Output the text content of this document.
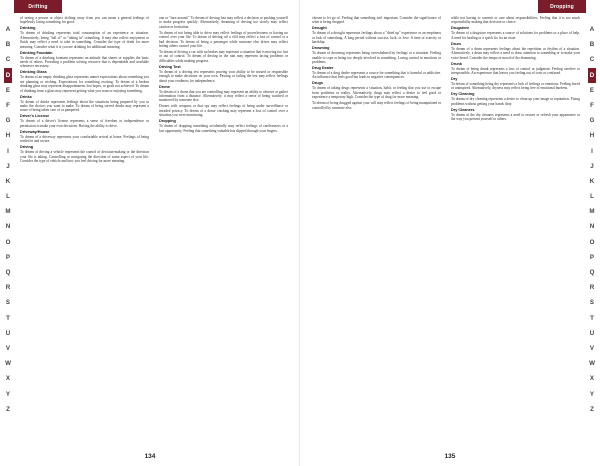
Drifting
A
B
C
D
E
F
G
H
I
J
K
L
M
N
O
P
Q
R
S
T
U
V
W
X
Y
Z

of seeing a person or object drifting away from you can mean a general feelings of hopelessly losing something for good.

Drinking

To dream of drinking represents total consumption of an experience or situation. Alternatively, being "full of" or "taking in" something. It may also reflect enjoyment or fluids may reflect a need to take in something. Consider the type of drink for more meaning. Consider what it is you are drinking for additional meaning.

Drinking Fountain

To dream of a drinking fountain represents an attitude that shares or supplies the basic needs of others. Providing a problem solving resource that is dependable and available whenever necessary.

Drinking Glass

To dream of an empty drinking glass represents unmet expectations about something you are planning or wishing. Expectations for something exciting. To dream of a broken drinking glass may represent disappointment, lost hopes, or goals not achieved. To dream of drinking from a glass may represent getting what you want or enjoying something.

Drinks

To dream of drinks represents feelings about the situations being prepared by you to make the choices you want to make. To dream of being served drinks may represent a sense of being taken care of or pampered.

Driver's License

To dream of a driver's license represents a sense of freedom or independence or permission to make your own decisions. Having the ability to drive.

Driveway/House

To dream of a driveway represents your comfortable arrival at home. Feelings of being settled in and secure.

Driving

To dream of driving a vehicle represents the control of decision-making or the direction your life is taking. Controlling or navigating the direction of some aspect of your life. Consider the type of vehicle and how you feel driving for more meaning.

one or "turn around." To dream of driving fast may reflect a decision or pushing yourself to make progress quickly. Alternatively, dreaming of driving too slowly may reflect caution or hesitation.

To dream of not being able to drive may reflect feelings of powerlessness or having no control over your life. To dream of driving off a cliff may reflect a loss of control or a bad decision. To dream of being a passenger while someone else drives may reflect letting others control your life.

To dream of driving a car with no brakes may represent a situation that is moving too fast or out of control. To dream of driving in the rain may represent facing problems or difficulties while making progress.

Driving Test

To dream of a driving test represents proving your ability to be trusted or responsible enough to make decisions on your own. Passing or failing the test may reflect feelings about your readiness for independence.

Drone

To dream of a drone that you are controlling may represent an ability to observe or gather information from a distance. Alternatively, it may reflect a sense of being watched or monitored by someone else.

Drones with weapons or that spy may reflect feelings of being under surveillance or invaded privacy. To dream of a drone crashing may represent a loss of control over a situation you were monitoring.

Dropping

To dream of dropping something accidentally may reflect feelings of carelessness or a lost opportunity. Feeling that something valuable has slipped through your fingers.

134
Dropping
A
B
C
D
E
F
G
H
I
J
K
L
M
N
O
P
Q
R
S
T
U
V
W
X
Y
Z

chosen to let go of. Feeling that something isn't important. Consider the significance of what is being dropped.

Drought

To dream of a drought represents feelings about a "dried up" experience or an emptiness or lack of something. A long period without success, luck, or love. A time of scarcity or hardship.

Drowning

To dream of drowning represents being overwhelmed by feelings or a situation. Feeling unable to cope or being too deeply involved in something. Losing control to emotions or problems.

Drug Dealer

To dream of a drug dealer represents a source for something that is harmful or addictive. An influence that feels good but leads to negative consequences.

Drugs

To dream of taking drugs represents a situation, habit, or feeling that you use to escape from problems or reality. Alternatively, drugs may reflect a desire to feel good or experience a temporary high. Consider the type of drug for more meaning.

To dream of being drugged against your will may reflect feelings of being manipulated or controlled by someone else.

while not having to commit or care about responsibilities. Feeling that it is too much responsibility making that decision or choice.

Drugstore

To dream of a drugstore represents a source of solutions for problems or a place of help. A need for healing or a quick fix for an issue.

Drum

To dream of a drum represents feelings about the repetition or rhythm of a situation. Alternatively, a drum may reflect a need to draw attention to something or to make your voice heard. Consider the tempo or mood of the drumming.

Drunk

To dream of being drunk represents a loss of control or judgment. Feeling carefree or irresponsible. An experience that leaves you feeling out of sorts or confused.

Dry

To dream of something being dry represents a lack of feelings or emotions. Feeling bored or uninspired. Alternatively, dryness may reflect being free of emotional burdens.

Dry Cleaning

To dream of dry cleaning represents a desire to clean up your image or reputation. Fixing problems without getting your hands dirty.

Dry Cleaners

To dream of the dry cleaners represents a need to restore or refresh your appearance or the way you present yourself to others.

135
